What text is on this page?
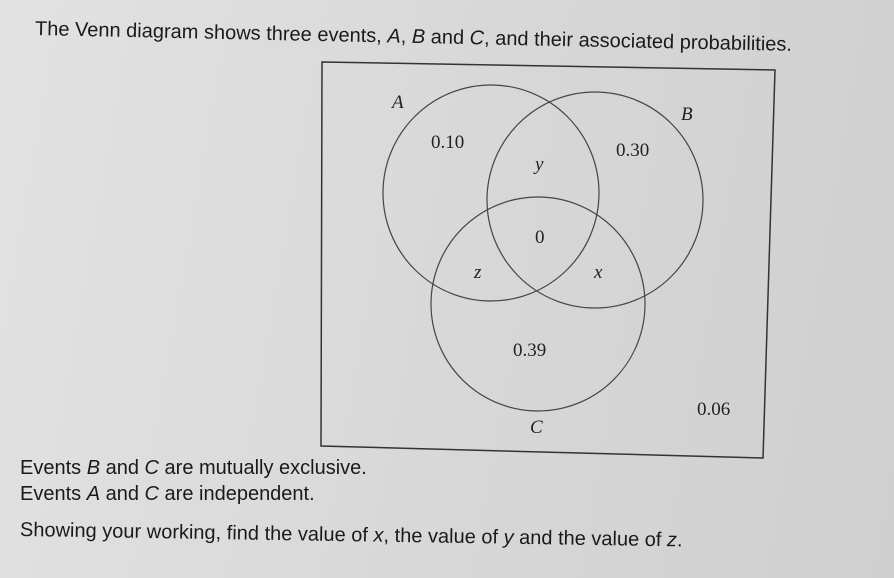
The Venn diagram shows three events, A, B and C, and their associated probabilities.
A
B
C
0.10	0.30
0.39
y
z	x
0
0.06
Events B and C are mutually exclusive.
Events A and C are independent.
Showing your working, find the value of x, the value of y and the value of z.
